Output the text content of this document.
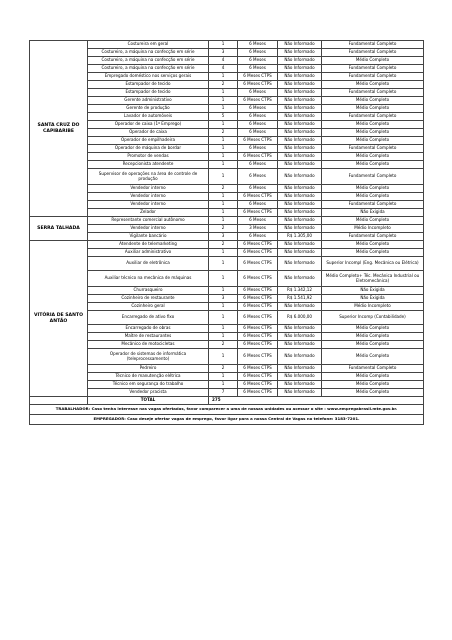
SANTA CRUZ DO CAPIBARIBE	Costureira em geral	1	6 Meses	Não Informado	Fundamental Completo
	Costureiro, a máquina na confecção em série	3	6 Meses	Não Informado	Fundamental Completo
	Costureiro, a máquina na confecção em série	4	6 Meses	Não Informado	Médio Completo
	Costureiro, a máquina na confecção em série	4	6 Meses	Não Informado	Fundamental Completo
	Empregado doméstico nos serviços gerais	1	6 Meses CTPS	Não Informado	Fundamental Completo
	Estampador de tecido	2	6 Meses CTPS	Não Informado	Médio Completo
	Estampador de tecido	1	6 Meses	Não Informado	Fundamental Completo
	Gerente administrativo	1	6 Meses CTPS	Não Informado	Médio Completo
	Gerente de produção	1	6 Meses	Não Informado	Médio Completo
	Lavador de automóveis	5	6 Meses	Não Informado	Fundamental Completo
	Operador de caixa (1º Emprego)	1	6 Meses	Não Informado	Médio Completo
	Operador de caixa	2	6 Meses	Não Informado	Médio Completo
	Operador de empilhadeira	1	6 Meses CTPS	Não Informado	Médio Completo
	Operador de máquina de bordar	1	6 Meses	Não Informado	Fundamental Completo
	Promotor de vendas	1	6 Meses CTPS	Não Informado	Médio Completo
	Recepcionista atendente	1	6 Meses	Não Informado	Médio Completo
	Supervisor de operações na área de controle de produção	1	6 Meses	Não Informado	Fundamental Completo
	Vendedor interno	2	6 Meses	Não Informado	Médio Completo
	Vendedor interno	1	6 Meses CTPS	Não Informado	Médio Completo
	Vendedor interno	1	6 Meses	Não Informado	Fundamental Completo
	Zelador	1	6 Meses CTPS	Não Informado	Não Exigida
SERRA TALHADA	Representante comercial autônomo	1	6 Meses	Não Informado	Médio Completo
	Vendedor interno	2	3 Meses	Não Informado	Médio Incompleto
	Vigilante bancário	3	6 Meses	R$ 1.305,00	Fundamental Completo
VITÓRIA DE SANTO ANTÃO	Atendente de telemarketing	2	6 Meses CTPS	Não Informado	Médio Completo
	Auxiliar administrativo	1	6 Meses CTPS	Não Informado	Médio Completo
	Auxiliar de eletrônica	1	6 Meses CTPS	Não Informado	Superior Incompl (Eng. Mecânica ou Elétrica)
	Auxiliar técnico na mecânica de máquinas	1	6 Meses CTPS	Não Informado	Médio Completo+ Téc. Mecânica Industrial ou Eletromecânica)
	Churrasqueiro	1	6 Meses CTPS	R$ 1.342,12	Não Exigida
	Cozinheiro de restaurante	3	6 Meses CTPS	R$ 1.541,92	Não Exigida
	Cozinheiro geral	1	6 Meses CTPS	Não Informado	Médio Incompleto
	Encarregado de ativo fixo	1	6 Meses CTPS	R$ 6.000,00	Superior Incomp (Contabilidade)
	Encarregado de obras	1	6 Meses CTPS	Não Informado	Médio Completo
	Maître de restaurantes	1	6 Meses CTPS	Não Informado	Médio Completo
	Mecânico de motocicletas	2	6 Meses CTPS	Não Informado	Médio Completo
	Operador de sistemas de informática (teleprocessamento)	1	6 Meses CTPS	Não Informado	Médio Completo
	Pedreiro	2	6 Meses CTPS	Não Informado	Fundamental Completo
	Técnico de manutenção elétrica	1	6 Meses CTPS	Não Informado	Médio Completo
	Técnico em segurança do trabalho	1	6 Meses CTPS	Não Informado	Médio Completo
	Vendedor pracista	7	6 Meses CTPS	Não Informado	Médio Completo
	TOTAL	275			
TRABALHADOR: Caso tenha interesse nas vagas ofertadas, favor comparecer a uma de nossas unidades ou acessar o site : www.empregabrasil.mte.gov.br.					
EMPREGADOR: Caso deseje ofertar vagas de emprego, favor ligar para a nossa Central de Vagas no telefone: 3183-7201.					
